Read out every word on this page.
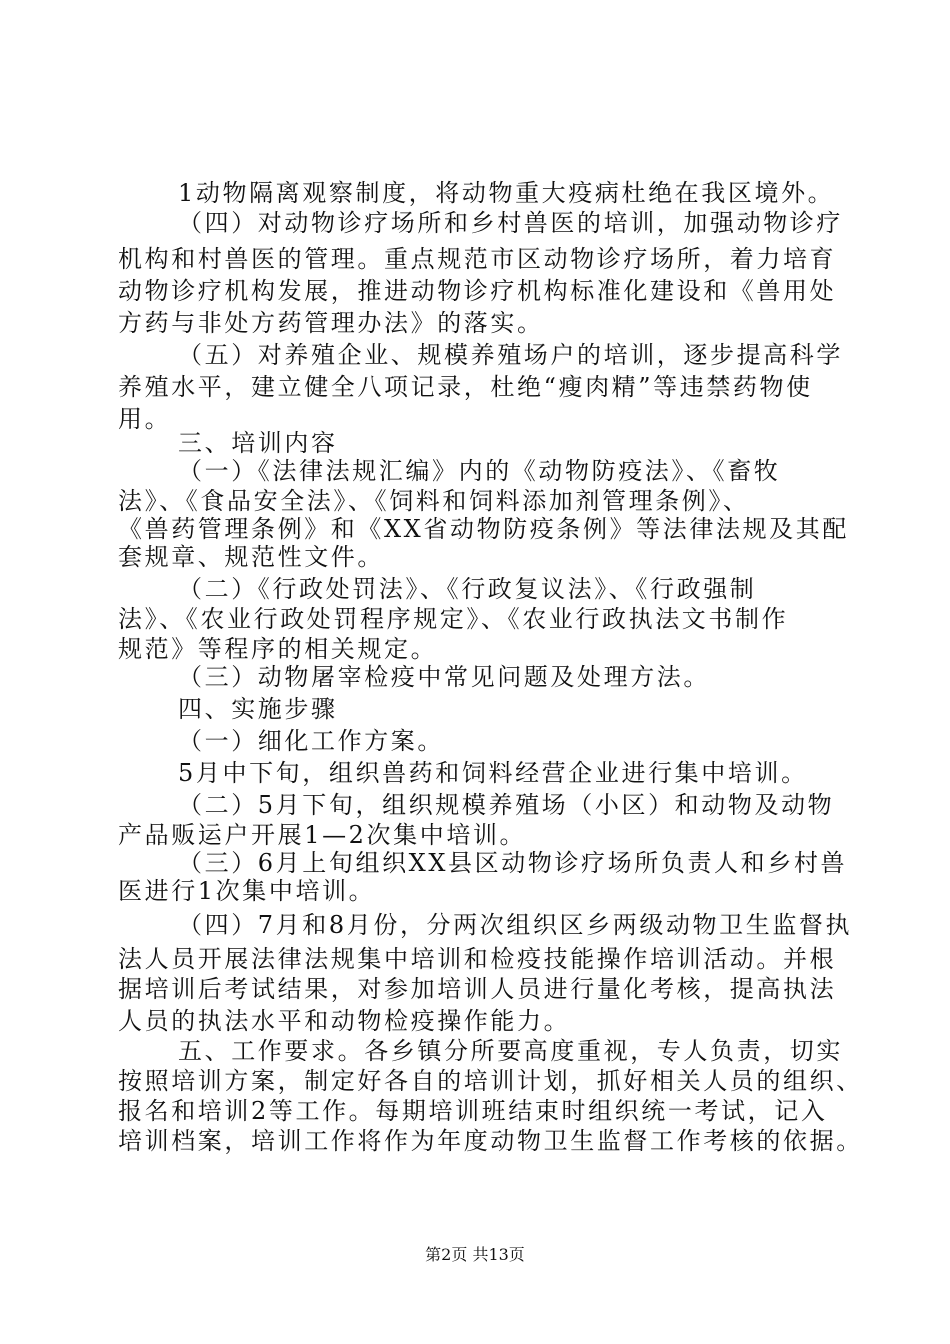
1动物隔离观察制度，将动物重大疫病杜绝在我区境外。
（四）对动物诊疗场所和乡村兽医的培训，加强动物诊疗
机构和村兽医的管理。重点规范市区动物诊疗场所，着力培育
动物诊疗机构发展，推进动物诊疗机构标准化建设和《兽用处
方药与非处方药管理办法》的落实。
（五）对养殖企业、规模养殖场户的培训，逐步提高科学
养殖水平，建立健全八项记录，杜绝“瘦肉精”等违禁药物使
用。
三、培训内容
（一）《法律法规汇编》内的《动物防疫法》、《畜牧
法》、《食品安全法》、《饲料和饲料添加剂管理条例》、
《兽药管理条例》和《XX省动物防疫条例》等法律法规及其配
套规章、规范性文件。
（二）《行政处罚法》、《行政复议法》、《行政强制
法》、《农业行政处罚程序规定》、《农业行政执法文书制作
规范》等程序的相关规定。
（三）动物屠宰检疫中常见问题及处理方法。
四、实施步骤
（一）细化工作方案。
5月中下旬，组织兽药和饲料经营企业进行集中培训。
（二）5月下旬，组织规模养殖场（小区）和动物及动物
产品贩运户开展1—2次集中培训。
（三）6月上旬组织XX县区动物诊疗场所负责人和乡村兽
医进行1次集中培训。
（四）7月和8月份，分两次组织区乡两级动物卫生监督执
法人员开展法律法规集中培训和检疫技能操作培训活动。并根
据培训后考试结果，对参加培训人员进行量化考核，提高执法
人员的执法水平和动物检疫操作能力。
五、工作要求。各乡镇分所要高度重视，专人负责，切实
按照培训方案，制定好各自的培训计划，抓好相关人员的组织、
报名和培训2等工作。每期培训班结束时组织统一考试，记入
培训档案，培训工作将作为年度动物卫生监督工作考核的依据。
第2页 共13页
